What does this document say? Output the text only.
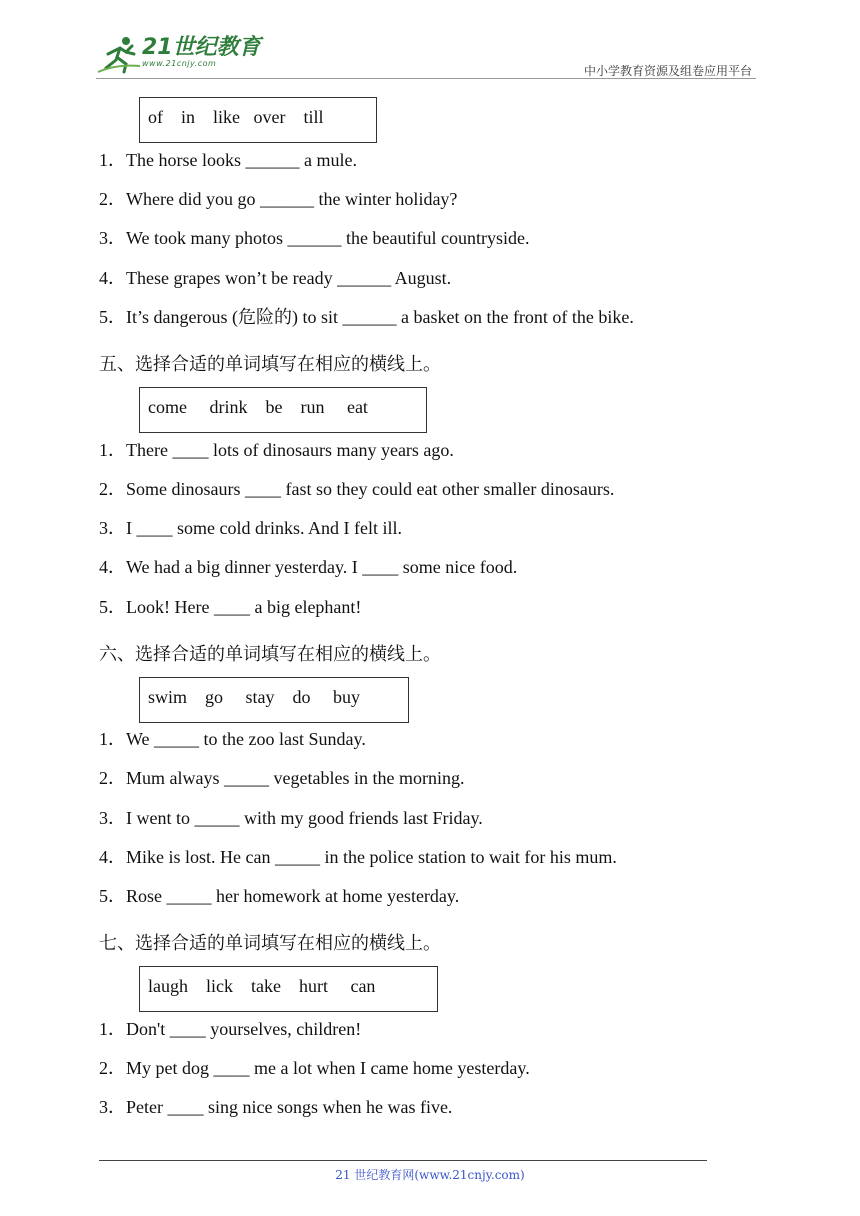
21世纪教育
www.21cnjy.com
中小学教育资源及组卷应用平台
of    in    like   over    till
1．The horse looks ______ a mule.
2．Where did you go ______ the winter holiday?
3．We took many photos ______ the beautiful countryside.
4．These grapes won’t be ready ______ August.
5．It’s dangerous (危险的) to sit ______ a basket on the front of the bike.
五、选择合适的单词填写在相应的横线上。
come     drink    be    run     eat
1．There ____ lots of dinosaurs many years ago.
2．Some dinosaurs ____ fast so they could eat other smaller dinosaurs.
3．I ____ some cold drinks. And I felt ill.
4．We had a big dinner yesterday. I ____ some nice food.
5．Look! Here ____ a big elephant!
六、选择合适的单词填写在相应的横线上。
swim    go     stay    do     buy
1．We _____ to the zoo last Sunday.
2．Mum always _____ vegetables in the morning.
3．I went to _____ with my good friends last Friday.
4．Mike is lost. He can _____ in the police station to wait for his mum.
5．Rose _____ her homework at home yesterday.
七、选择合适的单词填写在相应的横线上。
laugh    lick    take    hurt     can
1．Don't ____ yourselves, children!
2．My pet dog ____ me a lot when I came home yesterday.
3．Peter ____ sing nice songs when he was five.
21 世纪教育网(www.21cnjy.com)
